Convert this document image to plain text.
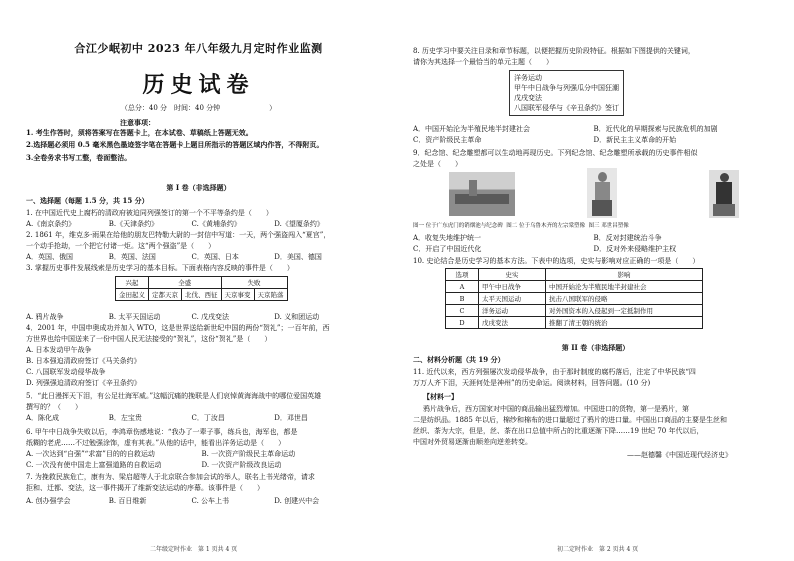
合江少岷初中 2023 年八年级九月定时作业监测
历史试卷
（总分：40 分　时间：40 分钟　　　　　　　）
注意事项：
1. 考生作答时，须将答案写在答题卡上，在本试卷、草稿纸上答题无效。
2.选择题必须用 0.5 毫米黑色墨迹签字笔在答题卡上题目所指示的答题区域内作答，不得附页。
3.全卷务求书写工整，卷面整洁。
第 I 卷（非选择题）
一、选择题（每题 1.5 分，共 15 分）
1. 在中国近代史上腐朽的清政府被迫同列强签订的第一个不平等条约是（　　）
A.《南京条约》	B.《天津条约》	C.《黄埔条约》	D.《望厦条约》
2. 1861 年，维克多·雨果在给他的朋友巴特勒大尉的一封信中写道：一天，两个强盗闯入“夏宫”，
一个动手抢劫，一个把它付诸一炬。这“两个强盗”是（　　）
A．英国、俄国	B．英国、法国	C．英国、日本	D．美国、德国
3. 掌握历史事件发展线索是历史学习的基本目标。下面表格内容反映的事件是（　　）
兴起	全盛		失败	
金田起义	定都天京	北伐、西征	天京事变	天京陷落
A. 鸦片战争	B. 太平天国运动	C. 戊戌变法	D. 义和团运动
4．2001 年，中国申奥成功并加入 WTO，这是世界送给新世纪中国的两份“贺礼”；一百年前，西
方世界也给中国送来了一份中国人民无法接受的“贺礼”，这份“贺礼”是（　　）
A. 日本发动甲午战争
B. 日本强迫清政府签订《马关条约》
C. 八国联军发动侵华战争
D. 列强强迫清政府签订《辛丑条约》
5．“此日漫挥天下泪，有公足壮海军威。”这幅沉痛的挽联是人们哀悼黄海海战中的哪位爱国英雄
撰写的？（　　）
A．陈化成	B．左宝贵	C．丁汝昌	D．邓世昌
6. 甲午中日战争失败以后，李鸿章伤感地说：“我办了一辈子事，练兵也，海军也，都是
纸糊的老虎……不过勉强涂饰，虚有其表。”从他的话中，能看出洋务运动是（　　）
A. 一次达到“自强”“求富”目的的自救运动	B. 一次资产阶级民主革命运动
C. 一次没有使中国走上富强道路的自救运动	D. 一次资产阶级改良运动
7. 为挽救民族危亡，康有为、梁启超等人于北京联合参加会试的举人，联名上书光绪帝，请求
拒和、迁都、变法，这一事件揭开了维新变法运动的序幕。该事件是（　　）
A. 创办强学会	B. 百日维新	C. 公车上书	D. 创建兴中会
二年级定时作业　第 1 页共 4 页
8. 历史学习中要关注目录和章节标题，以便把握历史阶段特征。根据如下图提供的关键词，
请你为其选择一个最恰当的单元主题（　　）
洋务运动
甲午中日战争与列强瓜分中国狂潮
戊戌变法
八国联军侵华与《辛丑条约》签订
A．中国开始沦为半殖民地半封建社会	B．近代化的早期探索与民族危机的加剧
C．资产阶级民主革命	D．新民主主义革命的开始
9．纪念馆、纪念雕塑都可以生动地再现历史。下列纪念馆、纪念雕塑所承载的历史事件相似
之处是（　　）
图一 位于广东虎门的销烟池与纪念碑 图二 位于乌鲁木齐的左宗棠塑像 图三 邓世昌塑像
A．收复失地维护统一	B．反对封建统治斗争
C．开启了中国近代化	D．反对外来侵略维护主权
10. 史论结合是历史学习的基本方法。下表中的选项，史实与影响对应正确的一项是（　　）
选项	史实	影响
A	甲午中日战争	中国开始沦为半殖民地半封建社会
B	太平天国运动	抗击八国联军的侵略
C	洋务运动	对外国资本的入侵起到一定抵制作用
D	戊戌变法	推翻了清王朝的统治
第 II 卷（非选择题）
二、材料分析题（共 19 分）
11. 近代以来，西方列强屡次发动侵华战争，由于那时制度的腐朽落后，注定了中华民族“四
万万人齐下泪，天涯何处是神州”的历史命运。阅读材料，回答问题。(10 分)
【材料一】
鸦片战争后，西方国家对中国的商品输出猛烈增加。中国进口的货物，第一是鸦片，第
二是纺织品。1885 年以后，棉纱和棉布的进口量超过了鸦片的进口量。中国出口商品的主要是生丝和
丝织、茶为大宗，但是，丝、茶在出口总值中所占的比重逐渐下降……19 世纪 70 年代以后，
中国对外贸易逐渐由顺差向逆差转变。
——赵德馨《中国近现代经济史》
初二定时作业　第 2 页共 4 页
